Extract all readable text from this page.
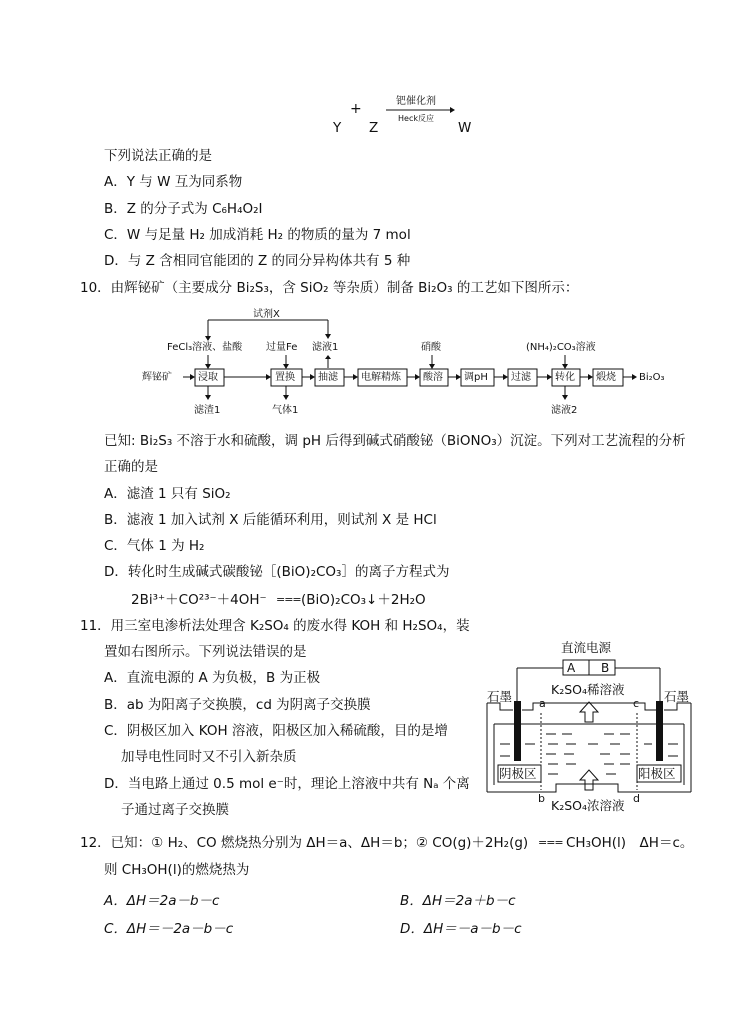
+
Y Z
钯催化剂
Heck反应
W
下列说法正确的是
A．Y 与 W 互为同系物
B．Z 的分子式为 C₆H₄O₂I
C．W 与足量 H₂ 加成消耗 H₂ 的物质的量为 7 mol
D．与 Z 含相同官能团的 Z 的同分异构体共有 5 种
10．由辉铋矿（主要成分 Bi₂S₃，含 SiO₂ 等杂质）制备 Bi₂O₃ 的工艺如下图所示：
试剂X
FeCl₃溶液、盐酸 过量Fe 滤液1	硝酸	(NH₄)₂CO₃溶液
辉铋矿	浸取	置换 抽滤 电解精炼 酸溶 调pH 过滤 转化 煅烧 Bi₂O₃
滤渣1	气体1	滤液2
已知: Bi₂S₃ 不溶于水和硫酸，调 pH 后得到碱式硝酸铋（BiONO₃）沉淀。下列对工艺流程的分析
正确的是
A．滤渣 1 只有 SiO₂
B．滤液 1 加入试剂 X 后能循环利用，则试剂 X 是 HCl
C．气体 1 为 H₂
D．转化时生成碱式碳酸铋［(BiO)₂CO₃］的离子方程式为
2Bi³⁺＋CO²³⁻＋4OH⁻ === (BiO)₂CO₃↓＋2H₂O
11．用三室电渗析法处理含 K₂SO₄ 的废水得 KOH 和 H₂SO₄，装
置如右图所示。下列说法错误的是
A．直流电源的 A 为负极，B 为正极
B．ab 为阳离子交换膜，cd 为阴离子交换膜
C．阴极区加入 KOH 溶液，阳极区加入稀硫酸，目的是增
加导电性同时又不引入新杂质
D．当电路上通过 0.5 mol e⁻时，理论上溶液中共有 Nₐ 个离
子通过离子交换膜
直流电源
A B
石墨	石墨
K₂SO₄稀溶液
a	c
阴极区	阳极区
b	d
K₂SO₄浓溶液
12．已知：① H₂、CO 燃烧热分别为 ΔH＝a、ΔH＝b；② CO(g)＋2H₂(g) === CH₃OH(l)　ΔH＝c。
则 CH₃OH(l)的燃烧热为
A．ΔH＝2a－b－c	B．ΔH＝2a＋b－c
C．ΔH＝－2a－b－c	D．ΔH＝－a－b－c
